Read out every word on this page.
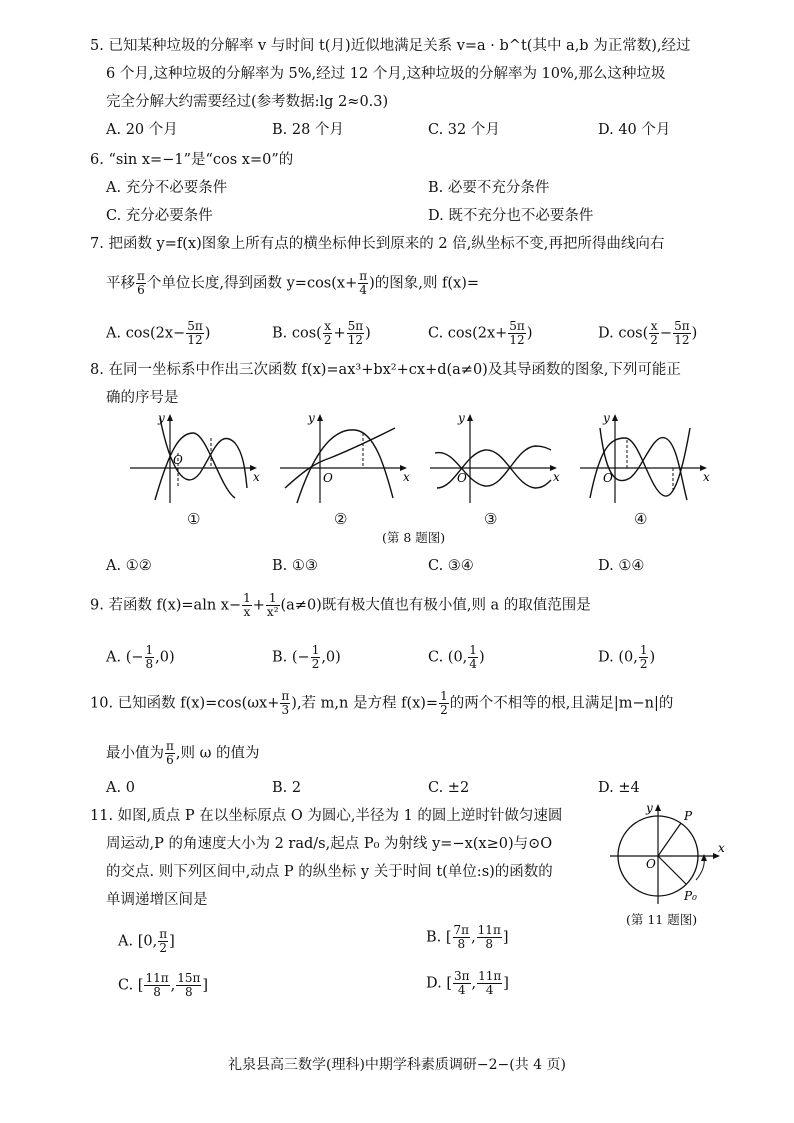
5. 已知某种垃圾的分解率 v 与时间 t(月)近似地满足关系 v=a · b^t(其中 a,b 为正常数),经过
6 个月,这种垃圾的分解率为 5%,经过 12 个月,这种垃圾的分解率为 10%,那么这种垃圾
完全分解大约需要经过(参考数据:lg 2≈0.3)
A. 20 个月	B. 28 个月	C. 32 个月	D. 40 个月
6. “sin x=−1”是“cos x=0”的
A. 充分不必要条件	B. 必要不充分条件
C. 充分必要条件	D. 既不充分也不必要条件
7. 把函数 y=f(x)图象上所有点的横坐标伸长到原来的 2 倍,纵坐标不变,再把所得曲线向右
平移 $\frac{\pi}{6}$ 个单位长度,得到函数 $y=\cos(x+ \frac{\pi}{4}$ )的图象,则 f(x)=
A. $\cos(2x- \frac{5\pi}{12}$ )	B. $\cos( \frac{x}{2} + \frac{5\pi}{12}$ )	C. $\cos(2x+ \frac{5\pi}{12}$ )	D. $\cos( \frac{x}{2} - \frac{5\pi}{12}$ )
8. 在同一坐标系中作出三次函数 f(x)=ax³+bx²+cx+d(a≠0)及其导函数的图象,下列可能正
确的序号是
y
x
O
y
x
O
y
x
O
y
x
O
①	②	③	④
(第 8 题图)
A. ①②	B. ①③	C. ③④	D. ①④
9. 若函数 f(x)=aln $x- \frac{1}{x} + \frac{1}{\text{x²}} (a\ne 0)$既有极大值也有极小值,则 a 的取值范围是
A. (− $\frac{1}{8} ,0$)	B. (− $\frac{1}{2} ,0$)	C. (0, $\frac{1}{4}$ )	D. (0, $\frac{1}{2}$ )
10. 已知函数 $f(x)=\cos(\omega x+ \frac{\pi}{3}$ ),若 m,n 是方程 $f(x)= \frac{1}{2}$ 的两个不相等的根,且满足|m−n|的
最小值为 $\frac{\pi}{6}$ ,则 ω 的值为
A. 0	B. 2	C. ±2	D. ±4
11. 如图,质点 P 在以坐标原点 O 为圆心,半径为 1 的圆上逆时针做匀速圆
周运动,P 的角速度大小为 2 rad/s,起点 P₀ 为射线 y=−x(x≥0)与⊙O
的交点. 则下列区间中,动点 P 的纵坐标 y 关于时间 t(单位:s)的函数的
单调递增区间是
P
P₀
O
x
y
(第 11 题图)
A. [0, $\frac{\pi}{2}$ ]	B. [ $\frac{7\pi}{8}$ , $\frac{11\pi}{8}$ ]
C. [ $\frac{11\pi}{8}$ , $\frac{15\pi}{8}$ ]	D. [ $\frac{3\pi}{4}$ , $\frac{11\pi}{4}$ ]
礼泉县高三数学(理科)中期学科素质调研−2−(共 4 页)
